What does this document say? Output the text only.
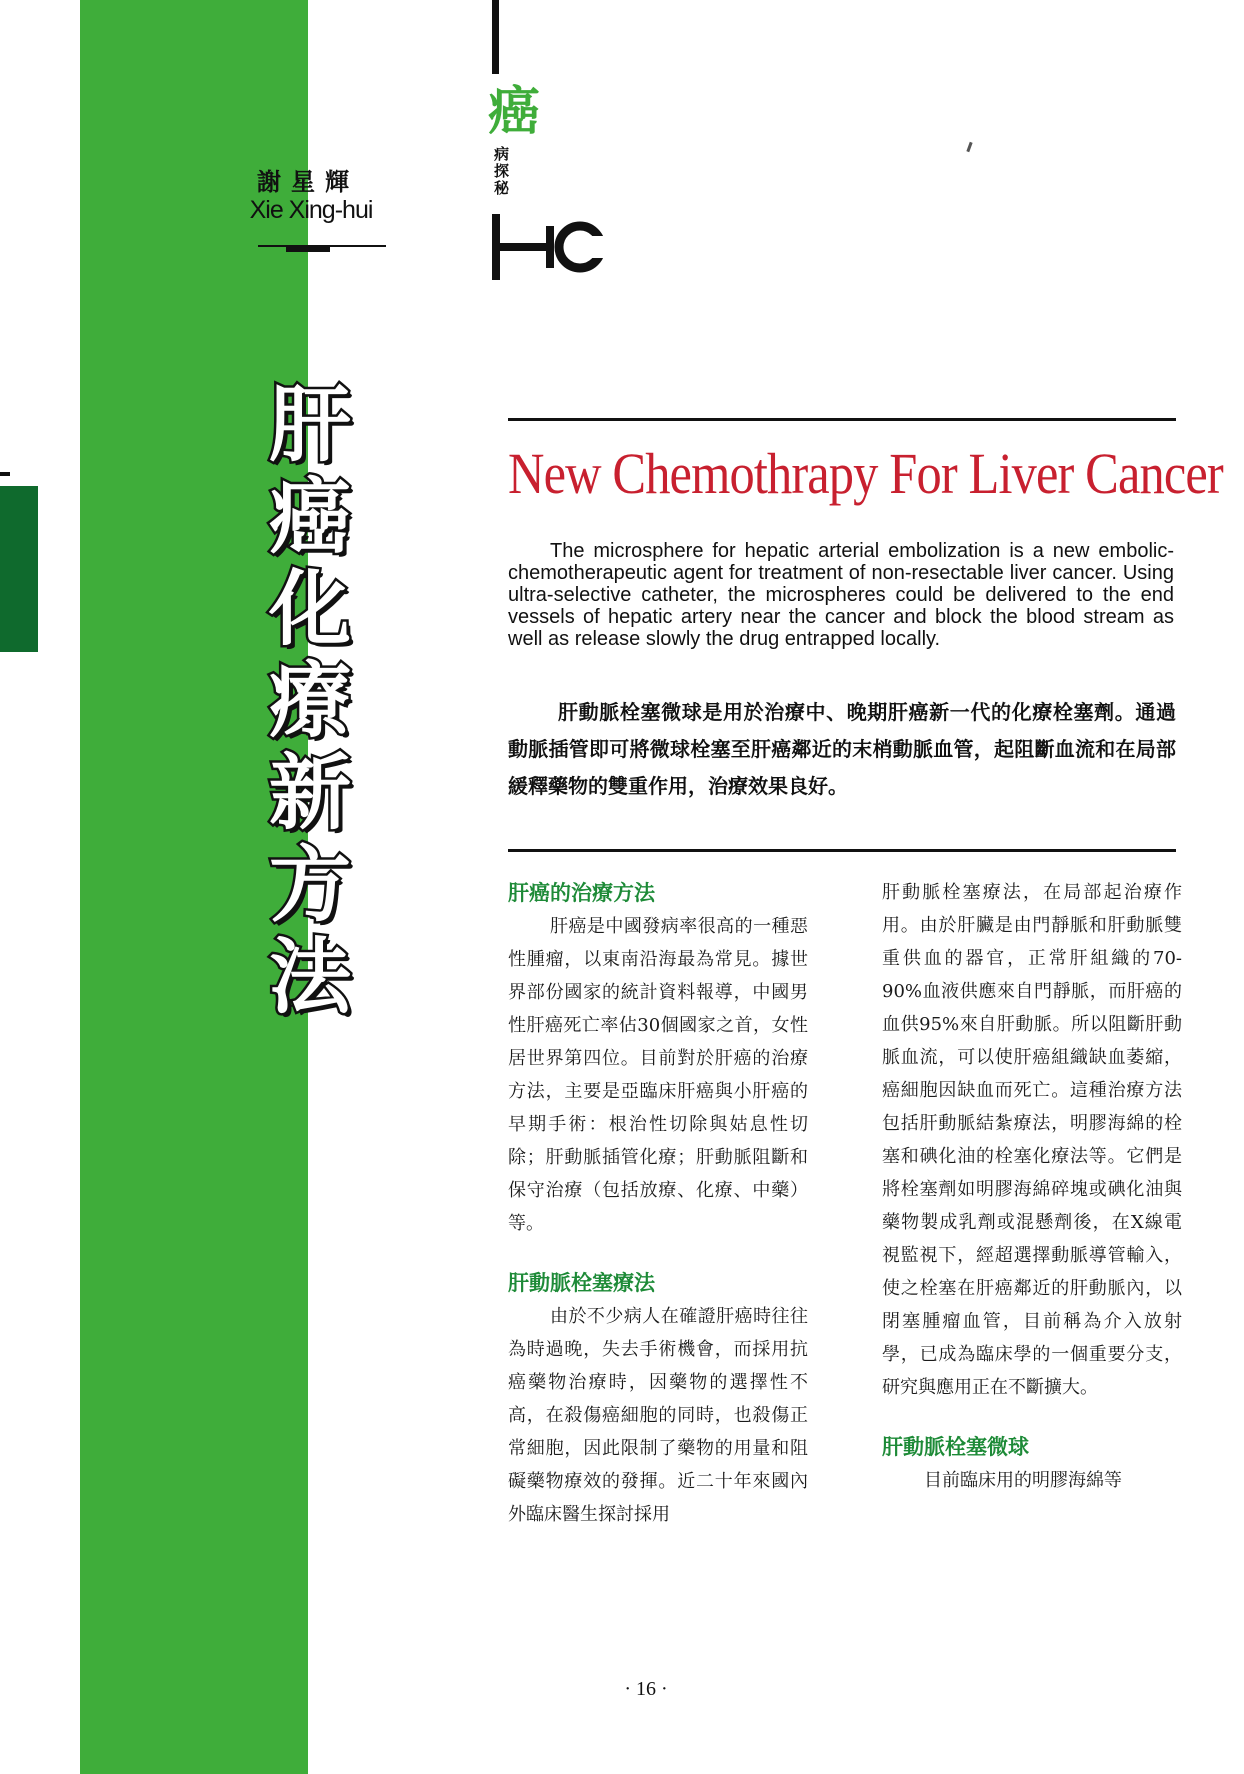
謝星輝
Xie Xing-hui
肝
癌
化
療
新
方
法
癌
病
探
秘
New Chemothrapy For Liver Cancer
The microsphere for hepatic arterial embolization is a new embolic-chemotherapeutic agent for treatment of non-resectable liver cancer. Using ultra-selective catheter, the microspheres could be delivered to the end vessels of hepatic artery near the cancer and block the blood stream as well as release slowly the drug entrapped locally.
肝動脈栓塞微球是用於治療中、晚期肝癌新一代的化療栓塞劑。通過動脈插管即可將微球栓塞至肝癌鄰近的末梢動脈血管，起阻斷血流和在局部緩釋藥物的雙重作用，治療效果良好。
肝癌的治療方法

肝癌是中國發病率很高的一種惡性腫瘤，以東南沿海最為常見。據世界部份國家的統計資料報導，中國男性肝癌死亡率佔30個國家之首，女性居世界第四位。目前對於肝癌的治療方法，主要是亞臨床肝癌與小肝癌的早期手術：根治性切除與姑息性切除；肝動脈插管化療；肝動脈阻斷和保守治療（包括放療、化療、中藥）等。

肝動脈栓塞療法

由於不少病人在確證肝癌時往往為時過晚，失去手術機會，而採用抗癌藥物治療時，因藥物的選擇性不高，在殺傷癌細胞的同時，也殺傷正常細胞，因此限制了藥物的用量和阻礙藥物療效的發揮。近二十年來國內外臨床醫生探討採用

肝動脈栓塞療法，在局部起治療作用。由於肝臟是由門靜脈和肝動脈雙重供血的器官，正常肝組織的70-90%血液供應來自門靜脈，而肝癌的血供95%來自肝動脈。所以阻斷肝動脈血流，可以使肝癌組織缺血萎縮，癌細胞因缺血而死亡。這種治療方法包括肝動脈結紮療法，明膠海綿的栓塞和碘化油的栓塞化療法等。它們是將栓塞劑如明膠海綿碎塊或碘化油與藥物製成乳劑或混懸劑後，在X線電視監視下，經超選擇動脈導管輸入，使之栓塞在肝癌鄰近的肝動脈內，以閉塞腫瘤血管，目前稱為介入放射學，已成為臨床學的一個重要分支，研究與應用正在不斷擴大。

肝動脈栓塞微球

目前臨床用的明膠海綿等

· 16 ·
